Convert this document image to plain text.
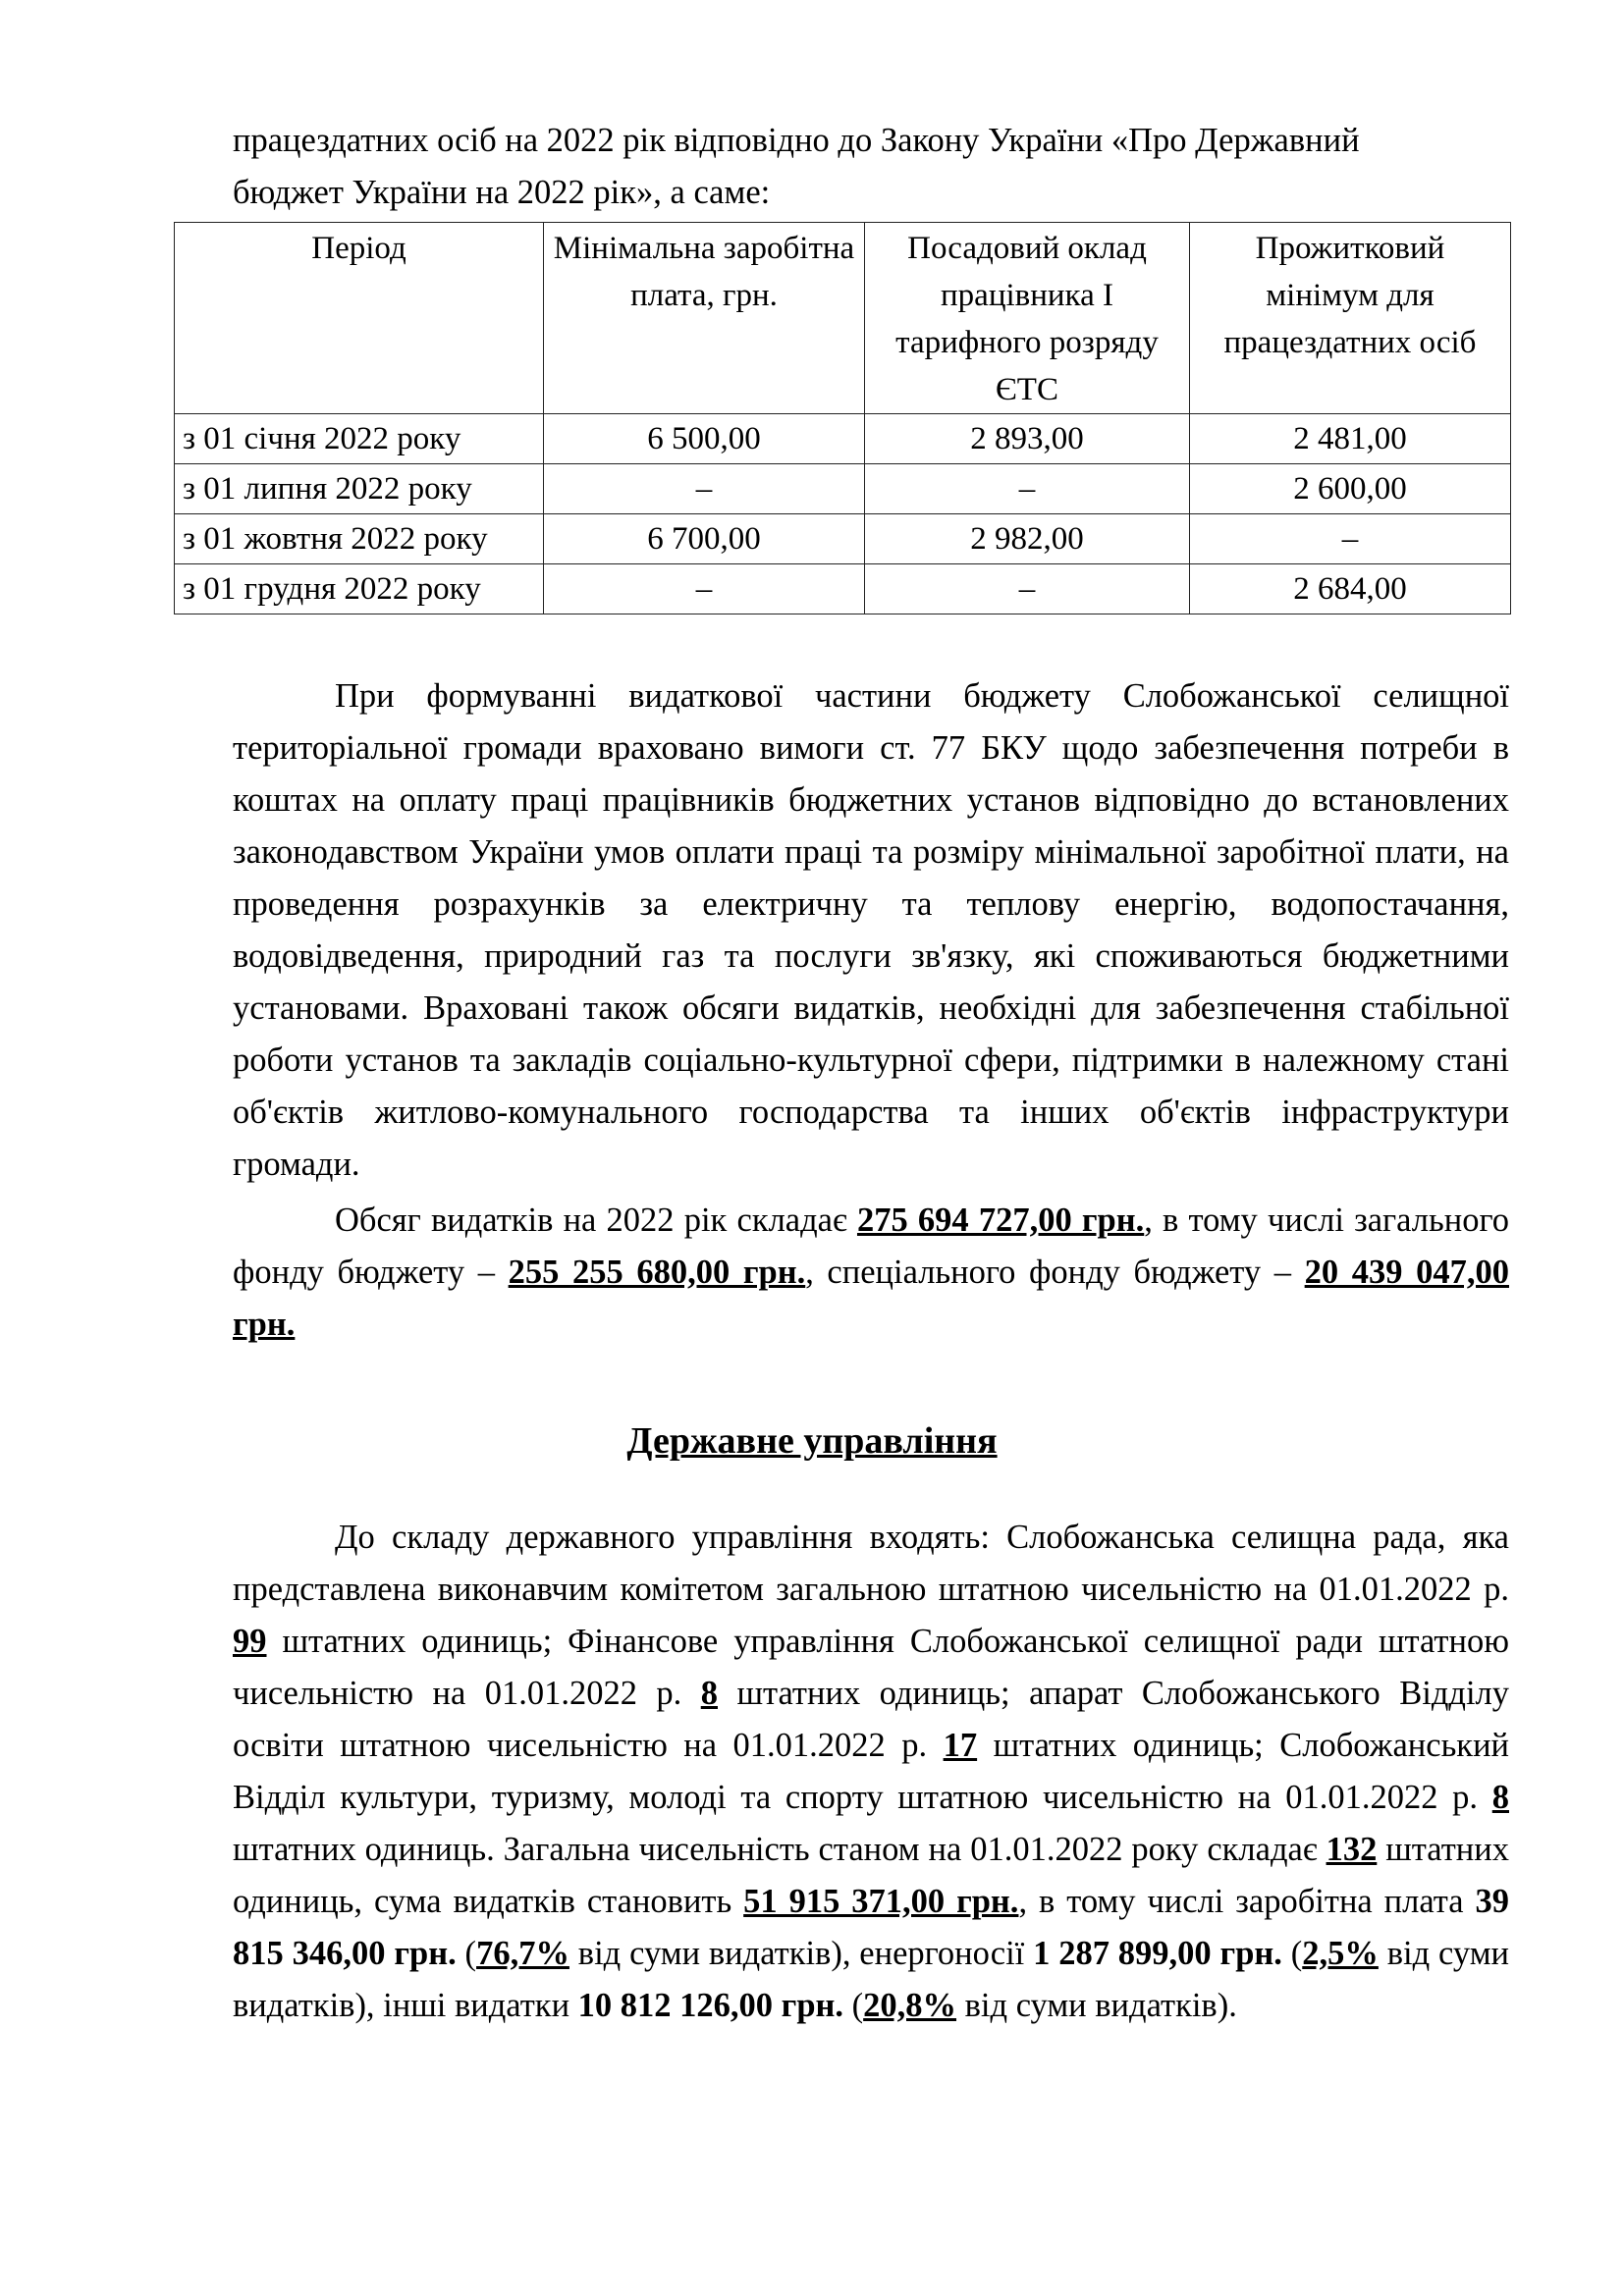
працездатних осіб на 2022 рік відповідно до Закону України «Про Державний
бюджет України на 2022 рік», а саме:
Період	Мінімальна заробітна плата, грн.	Посадовий оклад працівника I тарифного розряду ЄТС	Прожитковий мінімум для працездатних осіб
з 01 січня 2022 року	6 500,00	2 893,00	2 481,00
з 01 липня 2022 року	–	–	2 600,00
з 01 жовтня 2022 року	6 700,00	2 982,00	–
з 01 грудня 2022 року	–	–	2 684,00
При формуванні видаткової частини бюджету Слобожанської селищної територіальної громади враховано вимоги ст. 77 БКУ щодо забезпечення потреби в коштах на оплату праці працівників бюджетних установ відповідно до встановлених законодавством України умов оплати праці та розміру мінімальної заробітної плати, на проведення розрахунків за електричну та теплову енергію, водопостачання, водовідведення, природний газ та послуги зв'язку, які споживаються бюджетними установами. Враховані також обсяги видатків, необхідні для забезпечення стабільної роботи установ та закладів соціально-культурної сфери, підтримки в належному стані об'єктів житлово-комунального господарства та інших об'єктів інфраструктури громади.
Обсяг видатків на 2022 рік складає 275 694 727,00 грн., в тому числі загального фонду бюджету – 255 255 680,00 грн., спеціального фонду бюджету – 20 439 047,00 грн.
Державне управління
До складу державного управління входять: Слобожанська селищна рада, яка представлена виконавчим комітетом загальною штатною чисельністю на 01.01.2022 р. 99 штатних одиниць; Фінансове управління Слобожанської селищної ради штатною чисельністю на 01.01.2022 р. 8 штатних одиниць; апарат Слобожанського Відділу освіти штатною чисельністю на 01.01.2022 р. 17 штатних одиниць; Слобожанський Відділ культури, туризму, молоді та спорту штатною чисельністю на 01.01.2022 р. 8 штатних одиниць. Загальна чисельність станом на 01.01.2022 року складає 132 штатних одиниць, сума видатків становить 51 915 371,00 грн., в тому числі заробітна плата 39 815 346,00 грн. (76,7% від суми видатків), енергоносії 1 287 899,00 грн. (2,5% від суми видатків), інші видатки 10 812 126,00 грн. (20,8% від суми видатків).
